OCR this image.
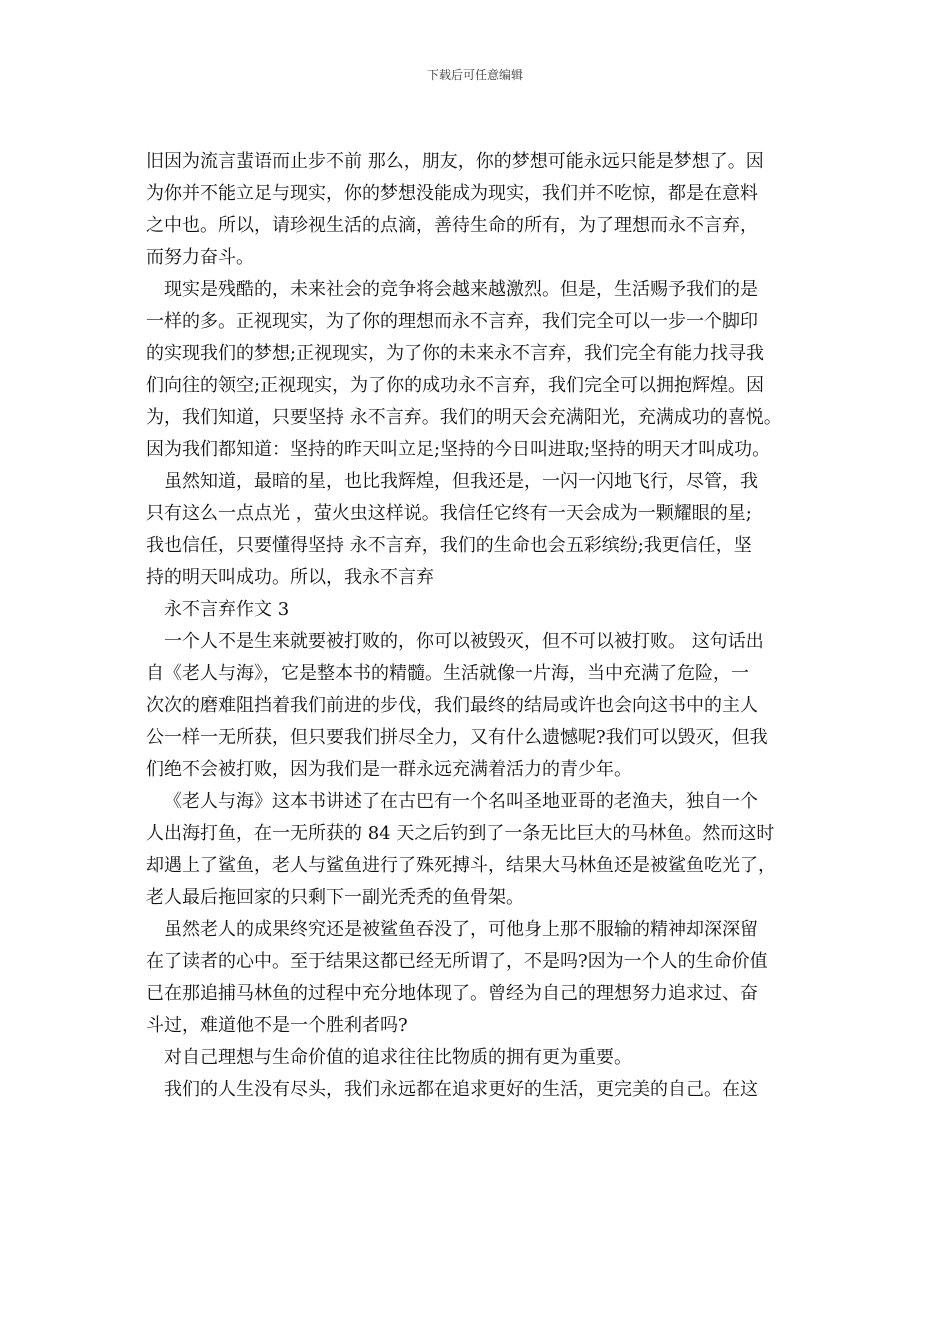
下载后可任意编辑
旧因为流言蜚语而止步不前 那么，朋友，你的梦想可能永远只能是梦想了。因
为你并不能立足与现实，你的梦想没能成为现实，我们并不吃惊，都是在意料
之中也。所以，请珍视生活的点滴，善待生命的所有，为了理想而永不言弃，
而努力奋斗。
现实是残酷的，未来社会的竞争将会越来越激烈。但是，生活赐予我们的是
一样的多。正视现实，为了你的理想而永不言弃，我们完全可以一步一个脚印
的实现我们的梦想;正视现实，为了你的未来永不言弃，我们完全有能力找寻我
们向往的领空;正视现实，为了你的成功永不言弃，我们完全可以拥抱辉煌。因
为，我们知道，只要坚持 永不言弃。我们的明天会充满阳光，充满成功的喜悦。
因为我们都知道：坚持的昨天叫立足;坚持的今日叫进取;坚持的明天才叫成功。
虽然知道，最暗的星，也比我辉煌，但我还是，一闪一闪地飞行，尽管，我
只有这么一点点光 ，萤火虫这样说。我信任它终有一天会成为一颗耀眼的星;
我也信任，只要懂得坚持 永不言弃，我们的生命也会五彩缤纷;我更信任，坚
持的明天叫成功。所以，我永不言弃
永不言弃作文 3
一个人不是生来就要被打败的，你可以被毁灭，但不可以被打败。 这句话出
自《老人与海》，它是整本书的精髓。生活就像一片海，当中充满了危险，一
次次的磨难阻挡着我们前进的步伐，我们最终的结局或许也会向这书中的主人
公一样一无所获，但只要我们拼尽全力，又有什么遗憾呢?我们可以毁灭，但我
们绝不会被打败，因为我们是一群永远充满着活力的青少年。
《老人与海》这本书讲述了在古巴有一个名叫圣地亚哥的老渔夫，独自一个
人出海打鱼，在一无所获的 84 天之后钓到了一条无比巨大的马林鱼。然而这时
却遇上了鲨鱼，老人与鲨鱼进行了殊死搏斗，结果大马林鱼还是被鲨鱼吃光了，
老人最后拖回家的只剩下一副光秃秃的鱼骨架。
虽然老人的成果终究还是被鲨鱼吞没了，可他身上那不服输的精神却深深留
在了读者的心中。至于结果这都已经无所谓了，不是吗?因为一个人的生命价值
已在那追捕马林鱼的过程中充分地体现了。曾经为自己的理想努力追求过、奋
斗过，难道他不是一个胜利者吗?
对自己理想与生命价值的追求往往比物质的拥有更为重要。
我们的人生没有尽头，我们永远都在追求更好的生活，更完美的自己。在这
